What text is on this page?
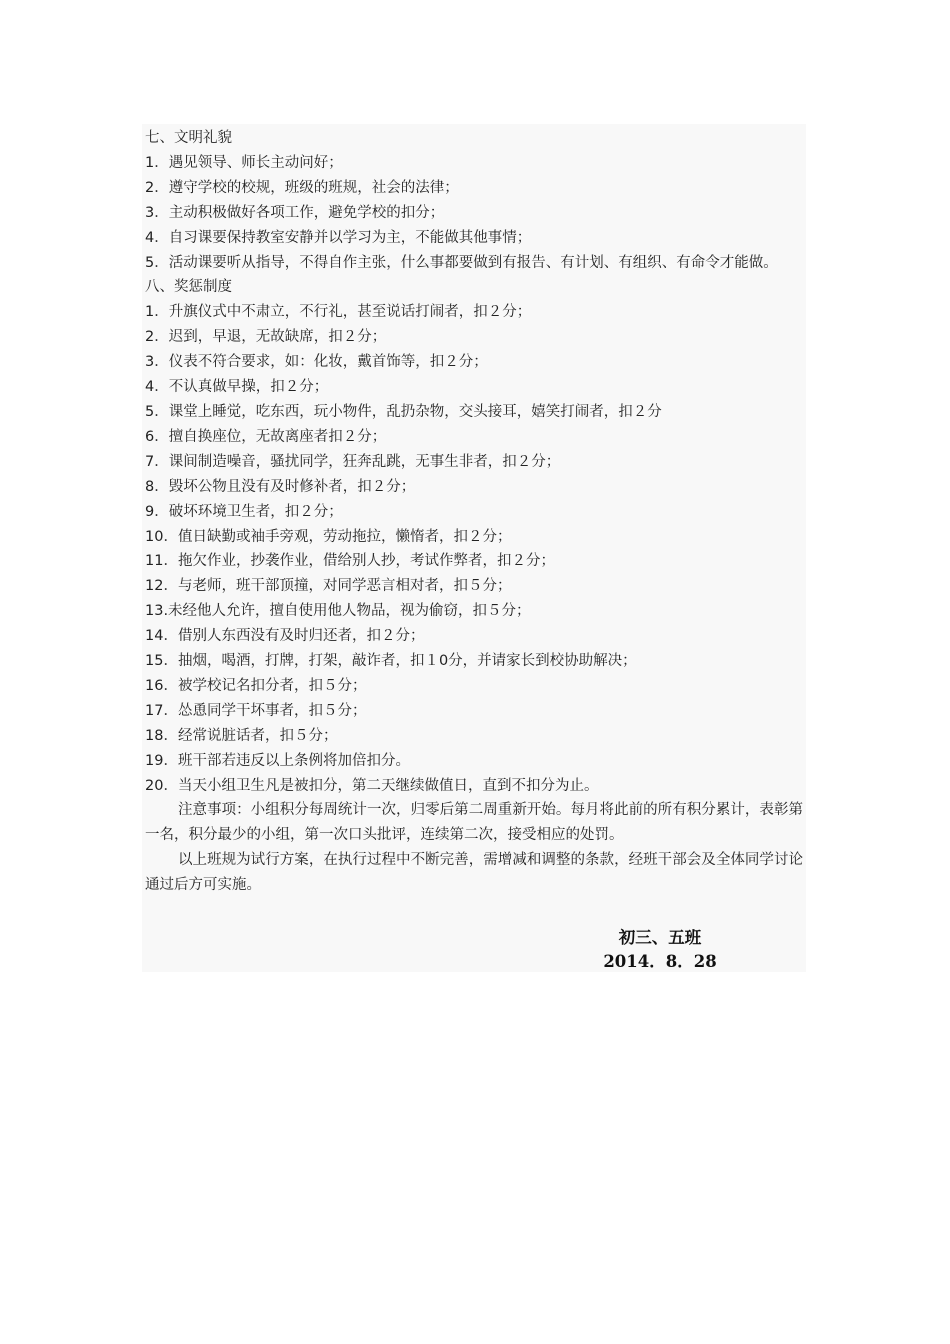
七、文明礼貌
1．遇见领导、师长主动问好；
2．遵守学校的校规，班级的班规，社会的法律；
3．主动积极做好各项工作，避免学校的扣分；
4．自习课要保持教室安静并以学习为主，不能做其他事情；
5．活动课要听从指导，不得自作主张，什么事都要做到有报告、有计划、有组织、有命令才能做。
八、奖惩制度
1．升旗仪式中不肃立，不行礼，甚至说话打闹者，扣２分；
2．迟到，早退，无故缺席，扣２分；
3．仪表不符合要求，如：化妆，戴首饰等，扣２分；
4．不认真做早操，扣２分；
5．课堂上睡觉，吃东西，玩小物件，乱扔杂物，交头接耳，嬉笑打闹者，扣２分
6．擅自换座位，无故离座者扣２分；
7．课间制造噪音，骚扰同学，狂奔乱跳，无事生非者，扣２分；
8．毁坏公物且没有及时修补者，扣２分；
9．破坏环境卫生者，扣２分；
10．值日缺勤或袖手旁观，劳动拖拉，懒惰者，扣２分；
11．拖欠作业，抄袭作业，借给别人抄，考试作弊者，扣２分；
12．与老师，班干部顶撞，对同学恶言相对者，扣５分；
13.未经他人允许，擅自使用他人物品，视为偷窃，扣５分；
14．借别人东西没有及时归还者，扣２分；
15．抽烟，喝酒，打牌，打架，敲诈者，扣１0分，并请家长到校协助解决；
16．被学校记名扣分者，扣５分；
17．怂恿同学干坏事者，扣５分；
18．经常说脏话者，扣５分；
19．班干部若违反以上条例将加倍扣分。
20．当天小组卫生凡是被扣分，第二天继续做值日，直到不扣分为止。
注意事项：小组积分每周统计一次，归零后第二周重新开始。每月将此前的所有积分累计，表彰第一名，积分最少的小组，第一次口头批评，连续第二次，接受相应的处罚。
以上班规为试行方案，在执行过程中不断完善，需增减和调整的条款，经班干部会及全体同学讨论通过后方可实施。
初三、五班
2014．8．28
